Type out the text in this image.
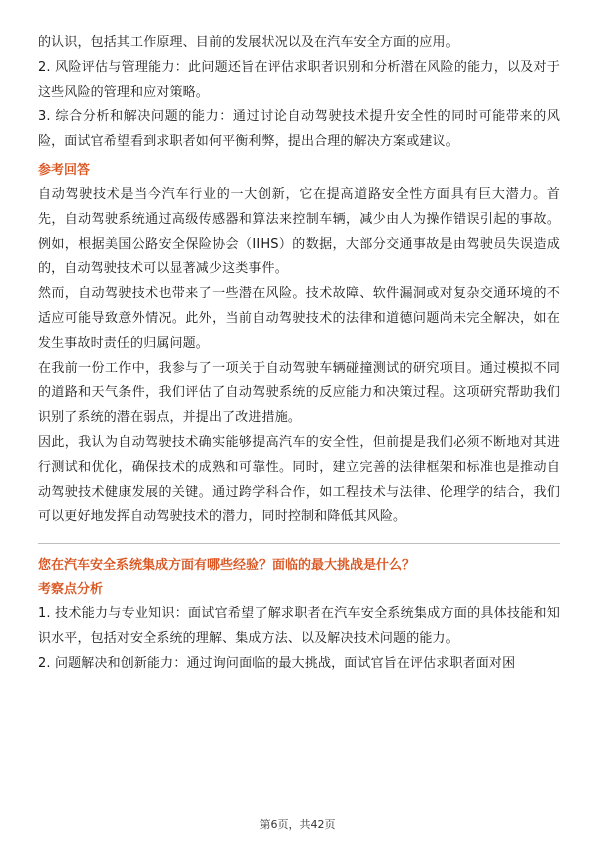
的认识，包括其工作原理、目前的发展状况以及在汽车安全方面的应用。

2. 风险评估与管理能力：此问题还旨在评估求职者识别和分析潜在风险的能力，以及对于这些风险的管理和应对策略。

3. 综合分析和解决问题的能力：通过讨论自动驾驶技术提升安全性的同时可能带来的风险，面试官希望看到求职者如何平衡利弊，提出合理的解决方案或建议。

参考回答

自动驾驶技术是当今汽车行业的一大创新，它在提高道路安全性方面具有巨大潜力。首先，自动驾驶系统通过高级传感器和算法来控制车辆，减少由人为操作错误引起的事故。例如，根据美国公路安全保险协会（IIHS）的数据，大部分交通事故是由驾驶员失误造成的，自动驾驶技术可以显著减少这类事件。

然而，自动驾驶技术也带来了一些潜在风险。技术故障、软件漏洞或对复杂交通环境的不适应可能导致意外情况。此外，当前自动驾驶技术的法律和道德问题尚未完全解决，如在发生事故时责任的归属问题。

在我前一份工作中，我参与了一项关于自动驾驶车辆碰撞测试的研究项目。通过模拟不同的道路和天气条件，我们评估了自动驾驶系统的反应能力和决策过程。这项研究帮助我们识别了系统的潜在弱点，并提出了改进措施。

因此，我认为自动驾驶技术确实能够提高汽车的安全性，但前提是我们必须不断地对其进行测试和优化，确保技术的成熟和可靠性。同时，建立完善的法律框架和标准也是推动自动驾驶技术健康发展的关键。通过跨学科合作，如工程技术与法律、伦理学的结合，我们可以更好地发挥自动驾驶技术的潜力，同时控制和降低其风险。

您在汽车安全系统集成方面有哪些经验？面临的最大挑战是什么？

考察点分析

1. 技术能力与专业知识：面试官希望了解求职者在汽车安全系统集成方面的具体技能和知识水平，包括对安全系统的理解、集成方法、以及解决技术问题的能力。

2. 问题解决和创新能力：通过询问面临的最大挑战，面试官旨在评估求职者面对困

第6页，共42页
